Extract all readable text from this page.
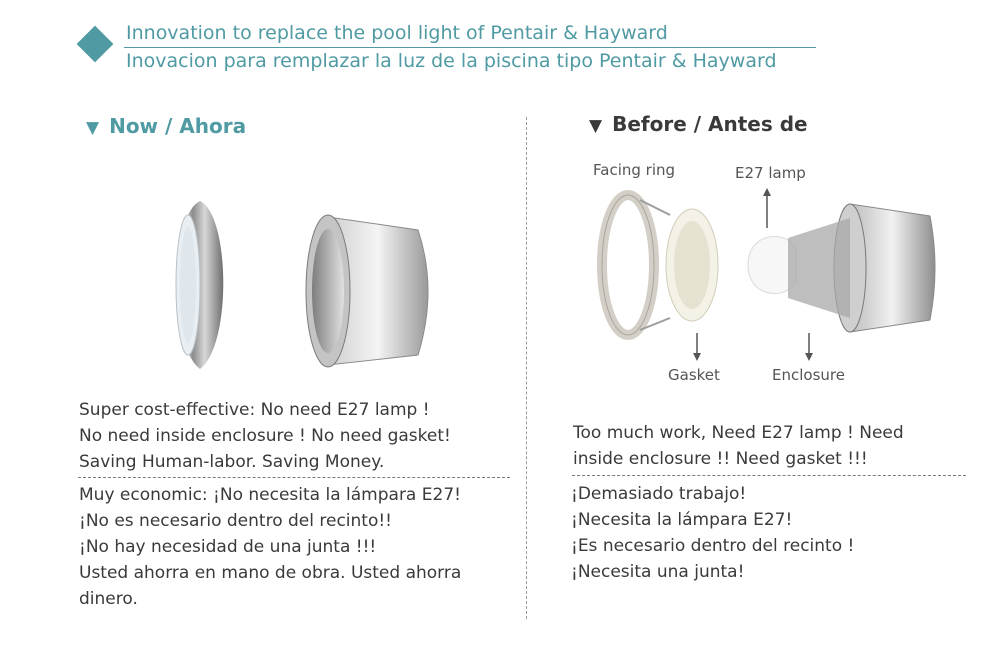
Innovation to replace the pool light of Pentair & Hayward
Inovacion para remplazar la luz de la piscina tipo Pentair & Hayward
▼ Now / Ahora	▼ Before / Antes de
Facing ring	E27 lamp
Gasket	Enclosure
Super cost-effective: No need E27 lamp !
No need inside enclosure ! No need gasket!
Saving Human-labor. Saving Money.
Muy economic: ¡No necesita la lámpara E27!
¡No es necesario dentro del recinto!!
¡No hay necesidad de una junta !!!
Usted ahorra en mano de obra. Usted ahorra
dinero.
Too much work, Need E27 lamp ! Need
inside enclosure !! Need gasket !!!
¡Demasiado trabajo!
¡Necesita la lámpara E27!
¡Es necesario dentro del recinto !
¡Necesita una junta!
